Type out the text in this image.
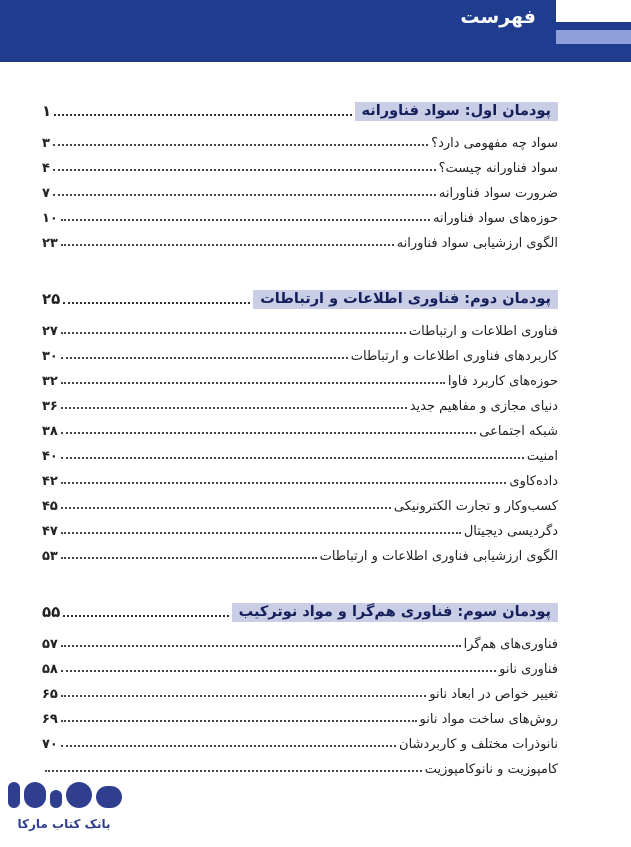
فهرست
پودمان اول: سواد فناورانه
۱
سواد چه مفهومی دارد؟
۳
سواد فناورانه چیست؟
۴
ضرورت سواد فناورانه
۷
حوزه‌های سواد فناورانه
۱۰
الگوی ارزشیابی سواد فناورانه
۲۳
پودمان دوم: فناوری اطلاعات و ارتباطات
۲۵
فناوری اطلاعات و ارتباطات
۲۷
کاربردهای فناوری اطلاعات و ارتباطات
۳۰
حوزه‌های کاربرد فاوا
۳۲
دنیای مجازی و مفاهیم جدید
۳۶
شبکه اجتماعی
۳۸
امنیت
۴۰
داده‌کاوی
۴۲
کسب‌وکار و تجارت الکترونیکی
۴۵
دگردیسی دیجیتال
۴۷
الگوی ارزشیابی فناوری اطلاعات و ارتباطات
۵۳
پودمان سوم: فناوری هم‌گرا و مواد نوترکیب
۵۵
فناوری‌های هم‌گرا
۵۷
فناوری نانو
۵۸
تغییر خواص در ابعاد نانو
۶۵
روش‌های ساخت مواد نانو
۶۹
نانوذرات مختلف و کاربردشان
۷۰
کامپوزیت و نانوکامپوزیت
بانک کتاب مارکا
